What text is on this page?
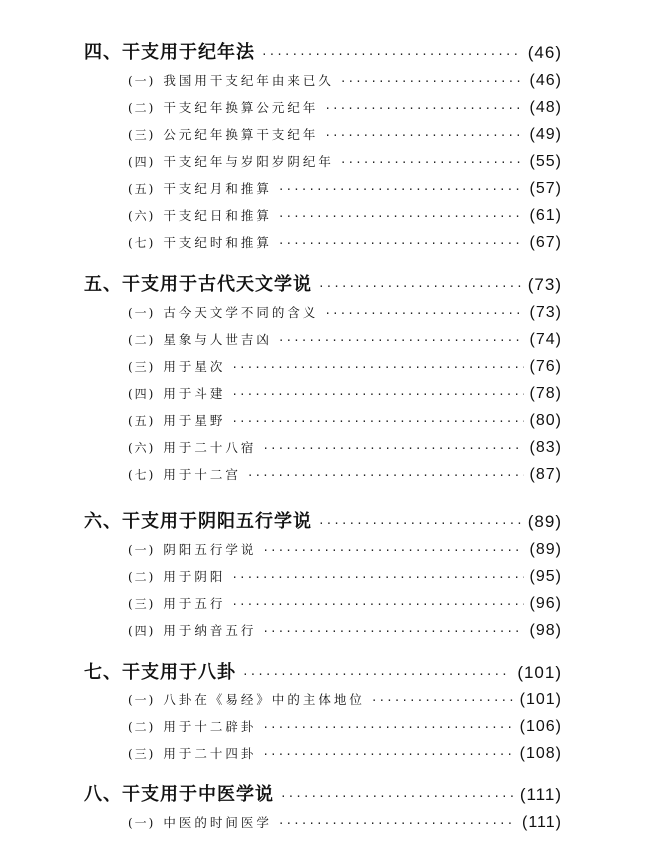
四、干支用于纪年法 ·····	(46)
(一) 我国用干支纪年由来已久 ·····	(46)
(二) 干支纪年换算公元纪年 ·····	(48)
(三) 公元纪年换算干支纪年 ·····	(49)
(四) 干支纪年与岁阳岁阴纪年 ·····	(55)
(五) 干支纪月和推算 ·····	(57)
(六) 干支纪日和推算 ·····	(61)
(七) 干支纪时和推算 ·····	(67)
五、干支用于古代天文学说 ·····	(73)
(一) 古今天文学不同的含义 ·····	(73)
(二) 星象与人世吉凶 ·····	(74)
(三) 用于星次 ·····	(76)
(四) 用于斗建 ·····	(78)
(五) 用于星野 ·····	(80)
(六) 用于二十八宿 ·····	(83)
(七) 用于十二宫 ·····	(87)
六、干支用于阴阳五行学说 ·····	(89)
(一) 阴阳五行学说 ·····	(89)
(二) 用于阴阳 ·····	(95)
(三) 用于五行 ·····	(96)
(四) 用于纳音五行 ·····	(98)
七、干支用于八卦 ·····	(101)
(一) 八卦在《易经》中的主体地位 ·····	(101)
(二) 用于十二辟卦 ·····	(106)
(三) 用于二十四卦 ·····	(108)
八、干支用于中医学说 ·····	(111)
(一) 中医的时间医学 ·····	(111)
